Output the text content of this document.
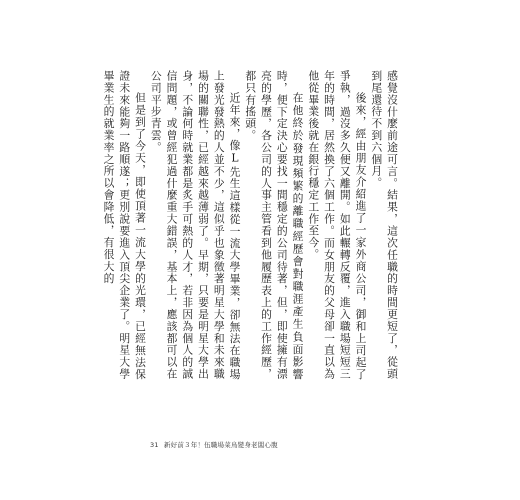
感覺沒什麼前途可言。結果，這次任職的時間更短了，從頭到尾還待不到六個月。

後來，經由朋友介紹進了一家外商公司，御和上司起了爭執，過沒多久便又離開。如此輾轉反覆，進入職場短短三年的時間，居然換了六個工作。而女朋友的父母卻一直以為他從畢業後就在銀行穩定工作至今。

在他終於發現頻繁的離職經歷會對職涯產生負面影響時，便下定決心要找一間穩定的公司待著，但，即使擁有漂亮的學歷，各公司的人事主管看到他履歷表上的工作經歷，都只有搖頭。

近年來，像L先生這樣從一流大學畢業，卻無法在職場上發光發熱的人並不少，這似乎也象徵著明星大學和未來職場的關聯性，已經越來越薄弱了。早期，只要是明星大學出身，不論何時就業都是炙手可熱的人才，若非因為個人的誠信問題，或曾經犯過什麼重大錯誤，基本上，應該都可以在公司平步青雲。

但是到了今天，即使頂著一流大學的光環，已經無法保證未來能夠一路順遂；更別說要進入頂尖企業了。明星大學畢業生的就業率之所以會降低，有很大的

31 新好前３年！伍職場菜鳥變身老闆心腹
